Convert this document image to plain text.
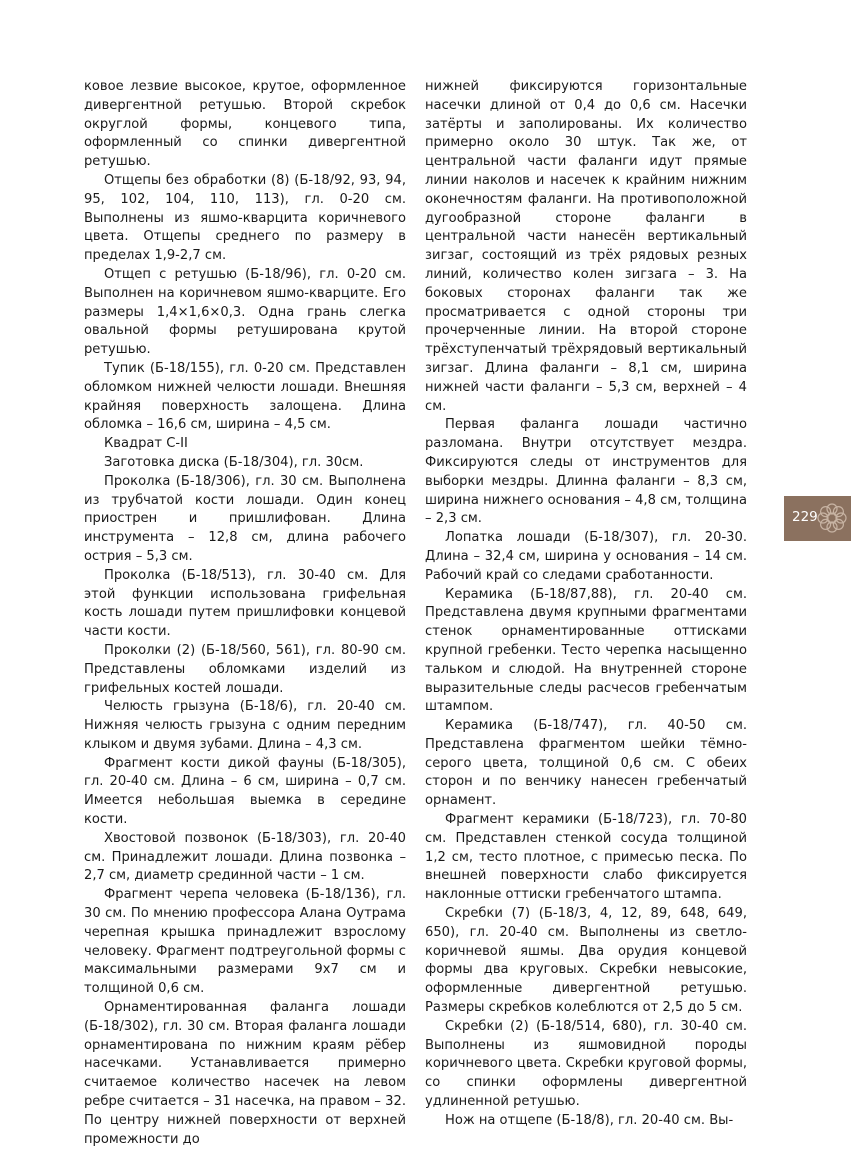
ковое лезвие высокое, крутое, оформленное дивергентной ретушью. Второй скребок округлой формы, концевого типа, оформленный со спинки дивергентной ретушью.

Отщепы без обработки (8) (Б-18/92, 93, 94, 95, 102, 104, 110, 113), гл. 0-20 см. Выполнены из яшмо-кварцита коричневого цвета. Отщепы среднего по размеру в пределах 1,9-2,7 см.

Отщеп с ретушью (Б-18/96), гл. 0-20 см. Выполнен на коричневом яшмо-кварците. Его размеры 1,4×1,6×0,3. Одна грань слегка овальной формы ретуширована крутой ретушью.

Тупик (Б-18/155), гл. 0-20 см. Представлен обломком нижней челюсти лошади. Внешняя крайняя поверхность залощена. Длина обломка – 16,6 см, ширина – 4,5 см.

Квадрат С-II

Заготовка диска (Б-18/304), гл. 30см.

Проколка (Б-18/306), гл. 30 см. Выполнена из трубчатой кости лошади. Один конец приострен и пришлифован. Длина инструмента – 12,8 см, длина рабочего острия – 5,3 см.

Проколка (Б-18/513), гл. 30-40 см. Для этой функции использована грифельная кость лошади путем пришлифовки концевой части кости.

Проколки (2) (Б-18/560, 561), гл. 80-90 см. Представлены обломками изделий из грифельных костей лошади.

Челюсть грызуна (Б-18/6), гл. 20-40 см. Нижняя челюсть грызуна с одним передним клыком и двумя зубами. Длина – 4,3 см.

Фрагмент кости дикой фауны (Б-18/305), гл. 20-40 см. Длина – 6 см, ширина – 0,7 см. Имеется небольшая выемка в середине кости.

Хвостовой позвонок (Б-18/303), гл. 20-40 см. Принадлежит лошади. Длина позвонка – 2,7 см, диаметр срединной части – 1 см.

Фрагмент черепа человека (Б-18/136), гл. 30 см. По мнению профессора Алана Оутрама черепная крышка принадлежит взрослому человеку. Фрагмент подтреугольной формы с максимальными размерами 9х7 см и толщиной 0,6 см.

Орнаментированная фаланга лошади (Б-18/302), гл. 30 см. Вторая фаланга лошади орнаментирована по нижним краям рёбер насечками. Устанавливается примерно считаемое количество насечек на левом ребре считается – 31 насечка, на правом – 32. По центру нижней поверхности от верхней промежности до

нижней фиксируются горизонтальные насечки длиной от 0,4 до 0,6 см. Насечки затёрты и заполированы. Их количество примерно около 30 штук. Так же, от центральной части фаланги идут прямые линии наколов и насечек к крайним нижним оконечностям фаланги. На противоположной дугообразной стороне фаланги в центральной части нанесён вертикальный зигзаг, состоящий из трёх рядовых резных линий, количество колен зигзага – 3. На боковых сторонах фаланги так же просматривается с одной стороны три прочерченные линии. На второй стороне трёхступенчатый трёхрядовый вертикальный зигзаг. Длина фаланги – 8,1 см, ширина нижней части фаланги – 5,3 см, верхней – 4 см.

Первая фаланга лошади частично разломана. Внутри отсутствует мездра. Фиксируются следы от инструментов для выборки мездры. Длинна фаланги – 8,3 см, ширина нижнего основания – 4,8 см, толщина – 2,3 см.

Лопатка лошади (Б-18/307), гл. 20-30. Длина – 32,4 см, ширина у основания – 14 см. Рабочий край со следами сработанности.

Керамика (Б-18/87,88), гл. 20-40 см. Представлена двумя крупными фрагментами стенок орнаментированные оттисками крупной гребенки. Тесто черепка насыщенно тальком и слюдой. На внутренней стороне выразительные следы расчесов гребенчатым штампом.

Керамика (Б-18/747), гл. 40-50 см. Представлена фрагментом шейки тёмно-серого цвета, толщиной 0,6 см. С обеих сторон и по венчику нанесен гребенчатый орнамент.

Фрагмент керамики (Б-18/723), гл. 70-80 см. Представлен стенкой сосуда толщиной 1,2 см, тесто плотное, с примесью песка. По внешней поверхности слабо фиксируется наклонные оттиски гребенчатого штампа.

Скребки (7) (Б-18/3, 4, 12, 89, 648, 649, 650), гл. 20-40 см. Выполнены из светло-коричневой яшмы. Два орудия концевой формы два круговых. Скребки невысокие, оформленные дивергентной ретушью. Размеры скребков колеблются от 2,5 до 5 см.

Скребки (2) (Б-18/514, 680), гл. 30-40 см. Выполнены из яшмовидной породы коричневого цвета. Скребки круговой формы, со спинки оформлены дивергентной удлиненной ретушью.

Нож на отщепе (Б-18/8), гл. 20-40 см. Вы-

229
